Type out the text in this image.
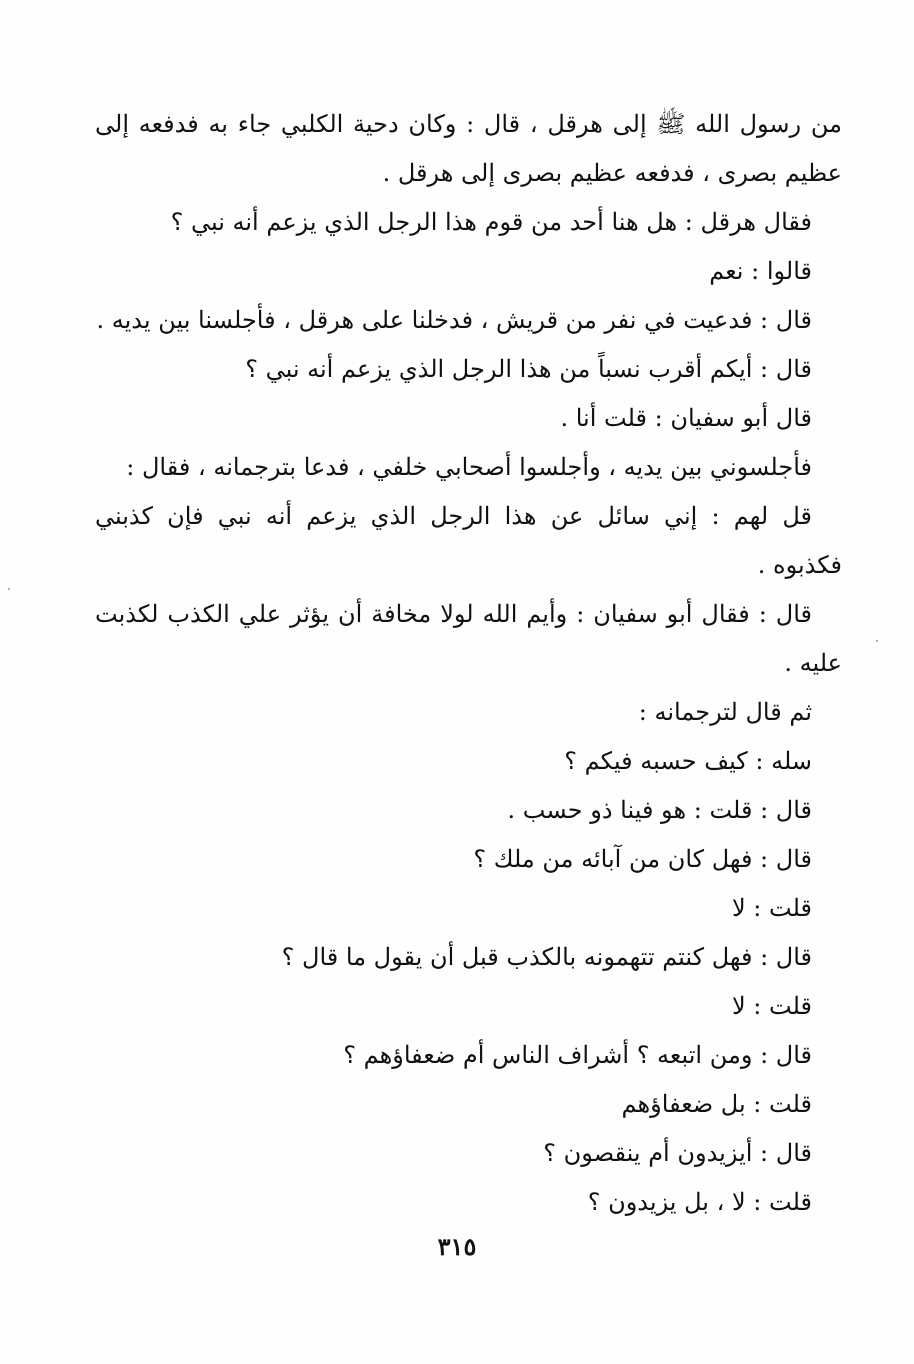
من رسول الله ﷺ إلى هرقل ، قال : وكان دحية الكلبي جاء به فدفعه إلى
عظيم بصرى ، فدفعه عظيم بصرى إلى هرقل .
فقال هرقل : هل هنا أحد من قوم هذا الرجل الذي يزعم أنه نبي ؟
قالوا : نعم
قال : فدعيت في نفر من قريش ، فدخلنا على هرقل ، فأجلسنا بين يديه .
قال : أيكم أقرب نسباً من هذا الرجل الذي يزعم أنه نبي ؟
قال أبو سفيان : قلت أنا .
فأجلسوني بين يديه ، وأجلسوا أصحابي خلفي ، فدعا بترجمانه ، فقال :
قل لهم : إني سائل عن هذا الرجل الذي يزعم أنه نبي فإن كذبني
فكذبوه .
قال : فقال أبو سفيان : وأيم الله لولا مخافة أن يؤثر علي الكذب لكذبت
عليه .
ثم قال لترجمانه :
سله : كيف حسبه فيكم ؟
قال : قلت : هو فينا ذو حسب .
قال : فهل كان من آبائه من ملك ؟
قلت : لا
قال : فهل كنتم تتهمونه بالكذب قبل أن يقول ما قال ؟
قلت : لا
قال : ومن اتبعه ؟ أشراف الناس أم ضعفاؤهم ؟
قلت : بل ضعفاؤهم
قال : أيزيدون أم ينقصون ؟
قلت : لا ، بل يزيدون ؟
٣١٥
